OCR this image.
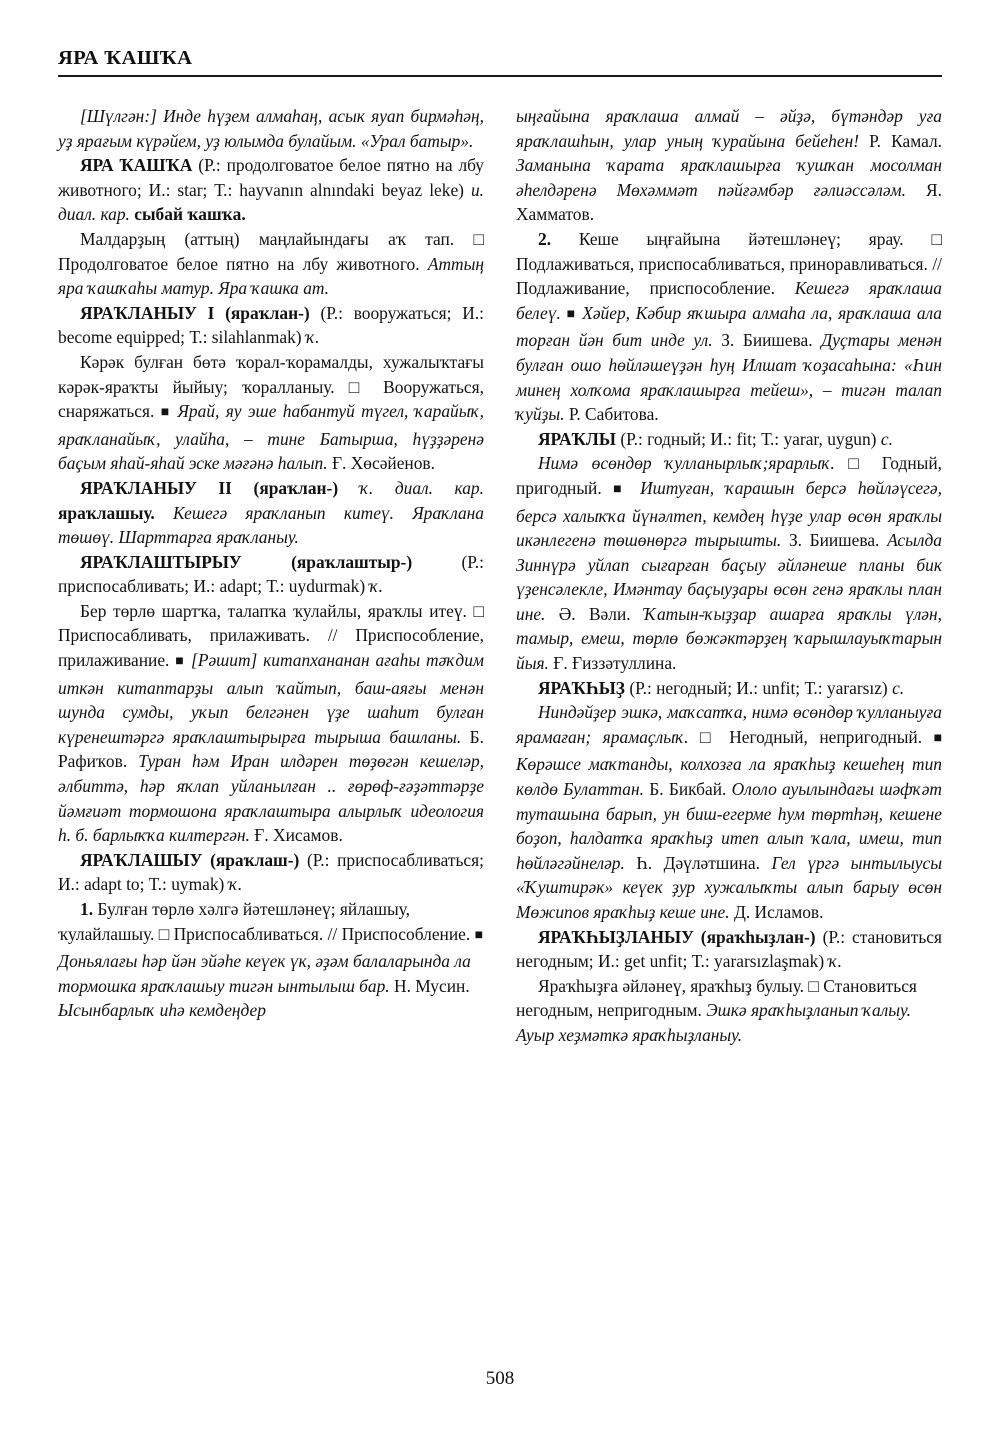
ЯРА ҠАШҠА

[Шүлгән:] Инде һүҙем алмаһаң, асык яуап бирмәһәң, уҙ ярағым күрәйем, уҙ юлымда булайым. «Урал батыр».

ЯРА ҠАШҠА (Р.: продолговатое белое пятно на лбу животного; И.: star; Т.: hayvanın alnındaki beyaz leke) и. диал. кар. сыбай ҡашҡа.

Малдарҙың (аттың) маңлайындағы аҡ тап. □ Продолговатое белое пятно на лбу животного. Аттың яра ҡашҡаһы матур. Яра ҡашка ат.

ЯРАҠЛАНЫУ I (яраҡлан-) (Р.: вооружаться; И.: become equipped; Т.: silahlanmak) ҡ.

Кәрәк булған бөтә ҡорал-ҡорамалды, хужалыҡтағы кәрәк-яраҡты йыйыу; ҡоралланыу. □	Вооружаться, снаряжаться. ■ Ярай, яу эше һабантуй түгел, ҡарайыҡ, яраҡланайыҡ, улайһа, – тине Батырша, һүҙҙәренә баҫым яһай-яһай эске мәғәнә һалып. Ғ. Хөсәйенов.

ЯРАҠЛАНЫУ II (яраҡлан-) ҡ. диал. кар. яраҡлашыу. Кешегә яраҡланып китеү. Яраҡлана төшөү. Шарттарға яраҡланыу.

ЯРАҠЛАШТЫРЫУ	(яраҡлаштыр-)	(Р.: приспосабливать; И.: adapt; Т.: uydurmak) ҡ.

Бер төрлө шартҡа, талапҡа ҡулайлы, яраҡлы итеү. □ Приспосабливать, прилаживать. // Приспособление, прилаживание. ■ [Рәшит] китапхананан ағаһы тәҡдим иткән китаптарҙы алып ҡайтып, баш-аяғы менән шунда сумды, уҡып белгәнен үҙе шаһит булған күренештәргә яраҡлаштырырға тырыша башланы. Б. Рафиҡов. Туран һәм Иран илдәрен төҙөгән кешеләр, әлбиттә, һәр яҡлап уйланылған .. ғөрөф-ғәҙәттәрҙе йәмғиәт тормошона яраҡлаштыра алырлыҡ идеология һ. б. барлыҡҡа килтергән. Ғ. Хисамов.

ЯРАҠЛАШЫУ (яраҡлаш-) (Р.: приспосабливаться; И.: adapt to; Т.: uymak) ҡ.

1. Булған төрлө хәлгә йәтешләнеү; яйлашыу, ҡулайлашыу. □ Приспосабливаться. // Приспособление. ■ Доньялағы һәр йән эйәһе кеүек үк, әҙәм балаларында ла тормошка яраҡлашыу тигән ынтылыш бар. Н. Мусин. Ысынбарлыҡ иһә кемдеңдер

ыңғайына яраҡлаша алмай – әйҙә, бүтәндәр уға яраҡлашһын, улар уның ҡурайына бейеһен! Р. Камал. Заманына ҡарата яраҡлашырға ҡушҡан мосолман әһелдәренә Мөхәммәт пәйғәмбәр ғәлиәссәләм. Я. Хамматов.

2. Кеше ыңғайына йәтешләнеү; ярау. □ Подлаживаться, приспосабливаться, приноравливаться. // Подлаживание, приспособление. Кешегә яраҡлаша белеү. ■ Хәйер, Кәбир яҡшыра алмаһа ла, яраҡлаша ала торған йән бит инде ул. З. Биишева. Дуҫтары менән булған ошо һөйләшеүҙән һуң Илшат ҡоҙасаһына: «Һин минең холҡома яраҡлашырға тейеш», – тигән талап ҡуйҙы. Р. Сабитова.

ЯРАҠЛЫ (Р.: годный; И.: fit; Т.: yarar, uygun) с.

Нимә өсөндөр ҡулланырлыҡ;ярарлыҡ. □	Годный, пригодный. ■ Иштуған, ҡарашын берсә һөйләүсегә, берсә халыҡҡа йүнәлтеп, кемдең һүҙе улар өсөн яраҡлы икәнлегенә төшөнөргә тырышты. З. Биишева. Асылда Зиннүрә уйлап сығарған баҫыу әйләнеше планы бик үҙенсәлекле, Имәнтау баҫыуҙары өсөн генә яраҡлы план ине. Ә. Вәли. Ҡатын-ҡыҙҙар ашарға яраҡлы үлән, тамыр, емеш, төрлө бөжәктәрҙең ҡарышлауыҡтарын йыя. Ғ. Ғиззәтуллина.

ЯРАҠҺЫҘ (Р.: негодный; И.: unfit; Т.: yararsız) с.

Ниндәйҙер эшкә, маҡсатҡа, нимә өсөндөр ҡулланыуға ярамаған; ярамаҫлыҡ. □ Негодный, непригодный. ■ Көрәшсе маҡтанды, колхозға ла яраҡһыҙ кешеһең тип көлдө Булаттан. Б. Бикбай. Ололо ауылындағы шәфҡәт туташына барып, ун биш-егерме һум төртһәң, кешене боҙоп, һалдатҡа яраҡһыҙ итеп алып ҡала, имеш, тип һөйләгәйнеләр. Һ. Дәүләтшина. Гел үргә ынтылыусы «Ҡуштирәк» кеүек ҙур хужалыҡты алып барыу өсөн Мөжипов яраҡһыҙ кеше ине. Д. Исламов.

ЯРАҠҺЫҘЛАНЫУ (яраҡһыҙлан-) (Р.: становиться негодным; И.: get unfit; Т.: yararsızlaşmak) ҡ.

Яраҡһыҙға әйләнеү, яраҡһыҙ булыу. □ Становиться негодным, непригодным. Эшкә яраҡһыҙланып ҡалыу. Ауыр хеҙмәткә яраҡһыҙланыу.

508
